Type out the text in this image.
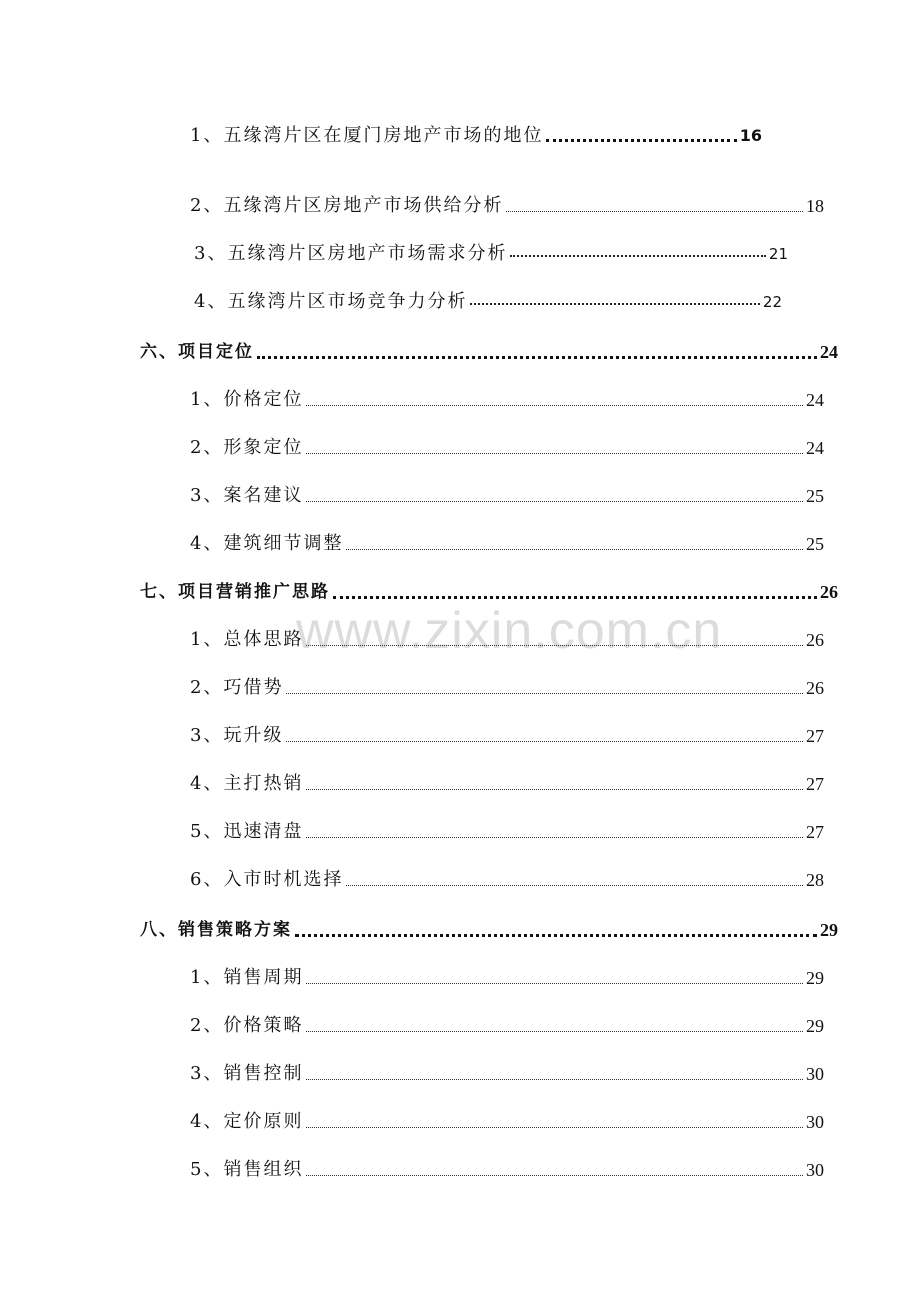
www.zixin.com.cn
1、五缘湾片区在厦门房地产市场的地位	16
2、五缘湾片区房地产市场供给分析	18
3、五缘湾片区房地产市场需求分析	21
4、五缘湾片区市场竞争力分析	22
六、项目定位	24
1、价格定位	24
2、形象定位	24
3、案名建议	25
4、建筑细节调整	25
七、项目营销推广思路	26
1、总体思路	26
2、巧借势	26
3、玩升级	27
4、主打热销	27
5、迅速清盘	27
6、入市时机选择	28
八、销售策略方案	29
1、销售周期	29
2、价格策略	29
3、销售控制	30
4、定价原则	30
5、销售组织	30
